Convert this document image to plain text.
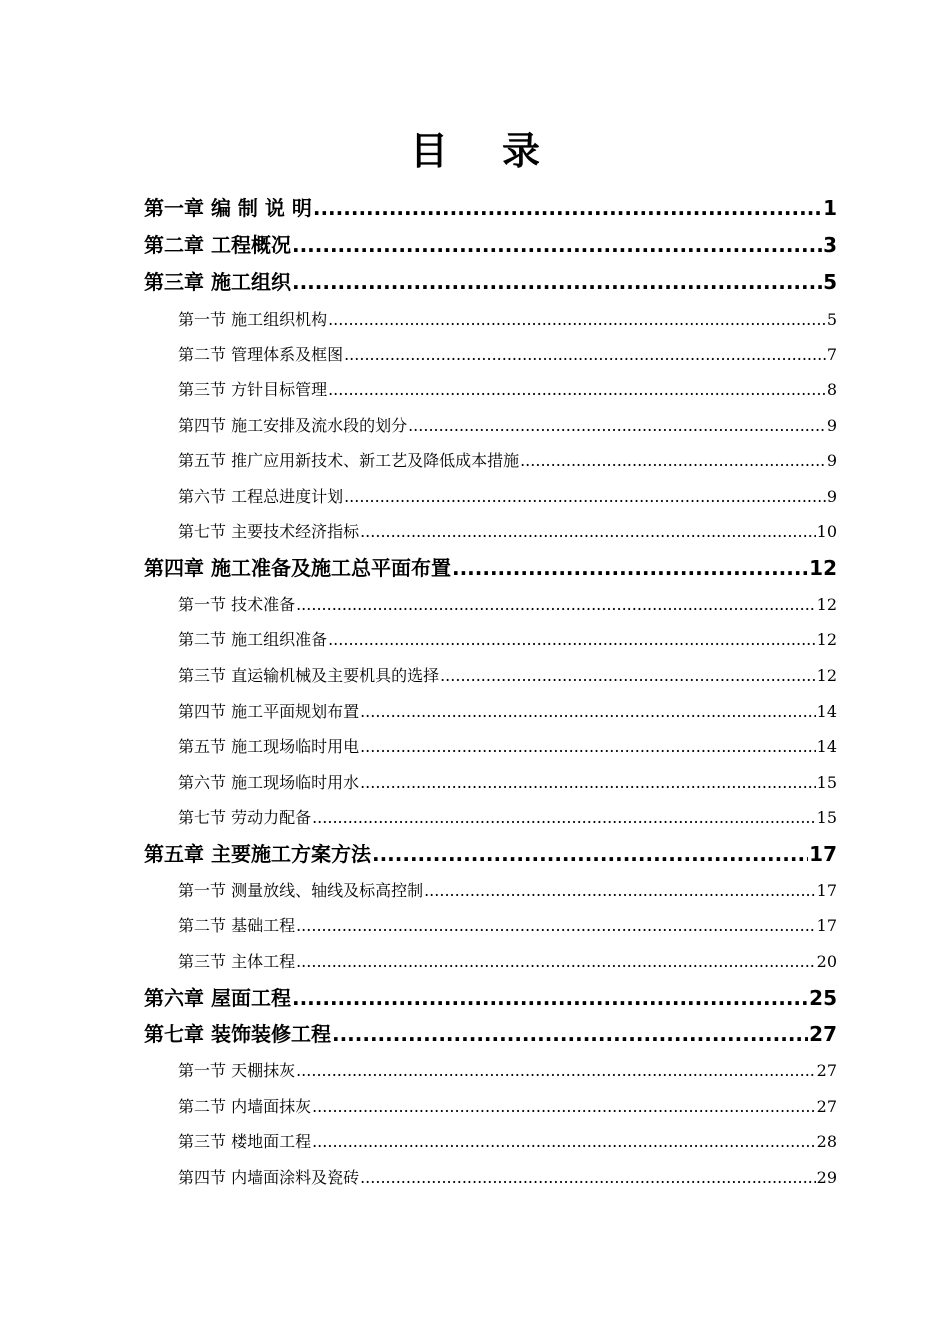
目 录
第一章 编 制 说 明 .....	1
第二章 工程概况 .....	3
第三章 施工组织 .....	5
第一节 施工组织机构 .....	5
第二节 管理体系及框图 .....	7
第三节 方针目标管理 .....	8
第四节 施工安排及流水段的划分 .....	9
第五节 推广应用新技术、新工艺及降低成本措施 .....	9
第六节 工程总进度计划 .....	9
第七节 主要技术经济指标 .....	10
第四章 施工准备及施工总平面布置 .....	12
第一节 技术准备 .....	12
第二节 施工组织准备 .....	12
第三节 直运输机械及主要机具的选择 .....	12
第四节 施工平面规划布置 .....	14
第五节 施工现场临时用电 .....	14
第六节 施工现场临时用水 .....	15
第七节 劳动力配备 .....	15
第五章 主要施工方案方法 .....	17
第一节 测量放线、轴线及标高控制 .....	17
第二节 基础工程 .....	17
第三节 主体工程 .....	20
第六章 屋面工程 .....	25
第七章 装饰装修工程 .....	27
第一节 天棚抹灰 .....	27
第二节 内墙面抹灰 .....	27
第三节 楼地面工程 .....	28
第四节 内墙面涂料及瓷砖 .....	29
